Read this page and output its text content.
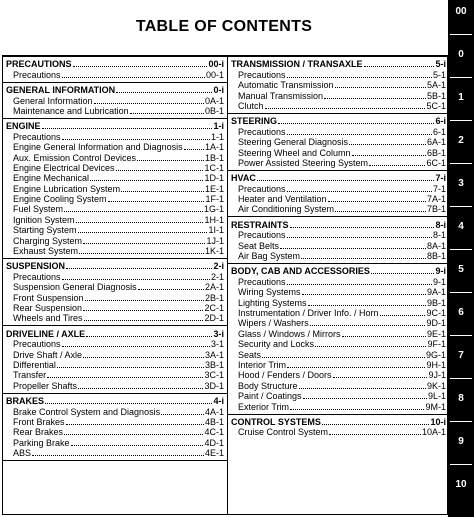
TABLE OF CONTENTS
PRECAUTIONS	00-i
Precautions	00-1
GENERAL INFORMATION	0-i
General Information	0A-1
Maintenance and Lubrication	0B-1
ENGINE	1-i
Precautions	1-1
Engine General Information and Diagnosis 1A-1
Aux. Emission Control Devices	1B-1
Engine Electrical Devices	1C-1
Engine Mechanical	1D-1
Engine Lubrication System	1E-1
Engine Cooling System	1F-1
Fuel System	1G-1
Ignition System	1H-1
Starting System	1I-1
Charging System	1J-1
Exhaust System	1K-1
SUSPENSION	2-i
Precautions	2-1
Suspension General Diagnosis	2A-1
Front Suspension	2B-1
Rear Suspension	2C-1
Wheels and Tires	2D-1
DRIVELINE / AXLE	3-i
Precautions	3-1
Drive Shaft / Axle	3A-1
Differential	3B-1
Transfer	3C-1
Propeller Shafts	3D-1
BRAKES	4-i
Brake Control System and Diagnosis	4A-1
Front Brakes	4B-1
Rear Brakes	4C-1
Parking Brake	4D-1
ABS	4E-1
TRANSMISSION / TRANSAXLE	5-i
Precautions	5-1
Automatic Transmission	5A-1
Manual Transmission	5B-1
Clutch	5C-1
STEERING	6-i
Precautions	6-1
Steering General Diagnosis	6A-1
Steering Wheel and Column	6B-1
Power Assisted Steering System	6C-1
HVAC	7-i
Precautions	7-1
Heater and Ventilation	7A-1
Air Conditioning System	7B-1
RESTRAINTS	8-i
Precautions	8-1
Seat Belts	8A-1
Air Bag System	8B-1
BODY, CAB AND ACCESSORIES	9-i
Precautions	9-1
Wiring Systems	9A-1
Lighting Systems	9B-1
Instrumentation / Driver Info. / Horn	9C-1
Wipers / Washers	9D-1
Glass / Windows / Mirrors	9E-1
Security and Locks	9F-1
Seats	9G-1
Interior Trim	9H-1
Hood / Fenders / Doors	9J-1
Body Structure	9K-1
Paint / Coatings	9L-1
Exterior Trim	9M-1
CONTROL SYSTEMS	10-i
Cruise Control System	10A-1
00
0
1
2
3
4
5
6
7
8
9
10
